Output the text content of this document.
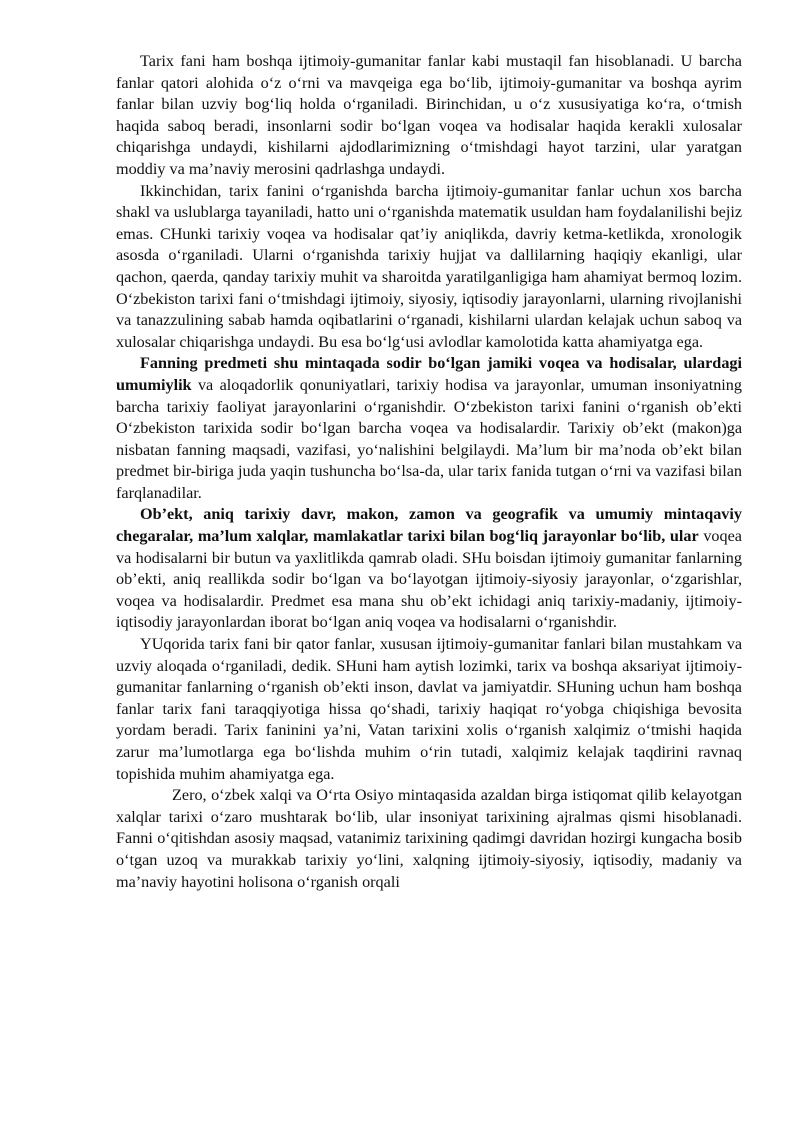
Tarix fani ham boshqa ijtimoiy-gumanitar fanlar kabi mustaqil fan hisoblanadi. U barcha fanlar qatori alohida o‘z o‘rni va mavqeiga ega bo‘lib, ijtimoiy-gumanitar va boshqa ayrim fanlar bilan uzviy bog‘liq holda o‘rganiladi. Birinchidan, u o‘z xususiyatiga ko‘ra, o‘tmish haqida saboq beradi, insonlarni sodir bo‘lgan voqea va hodisalar haqida kerakli xulosalar chiqarishga undaydi, kishilarni ajdodlarimizning o‘tmishdagi hayot tarzini, ular yaratgan moddiy va ma’naviy merosini qadrlashga undaydi.

Ikkinchidan, tarix fanini o‘rganishda barcha ijtimoiy-gumanitar fanlar uchun xos barcha shakl va uslublarga tayaniladi, hatto uni o‘rganishda matematik usuldan ham foydalanilishi bejiz emas. CHunki tarixiy voqea va hodisalar qat’iy aniqlikda, davriy ketma-ketlikda, xronologik asosda o‘rganiladi. Ularni o‘rganishda tarixiy hujjat va dallilarning haqiqiy ekanligi, ular qachon, qaerda, qanday tarixiy muhit va sharoitda yaratilganligiga ham ahamiyat bermoq lozim. O‘zbekiston tarixi fani o‘tmishdagi ijtimoiy, siyosiy, iqtisodiy jarayonlarni, ularning rivojlanishi va tanazzulining sabab hamda oqibatlarini o‘rganadi, kishilarni ulardan kelajak uchun saboq va xulosalar chiqarishga undaydi. Bu esa bo‘lg‘usi avlodlar kamolotida katta ahamiyatga ega.

Fanning predmeti shu mintaqada sodir bo‘lgan jamiki voqea va hodisalar, ulardagi umumiylik va aloqadorlik qonuniyatlari, tarixiy hodisa va jarayonlar, umuman insoniyatning barcha tarixiy faoliyat jarayonlarini o‘rganishdir. O‘zbekiston tarixi fanini o‘rganish ob’ekti O‘zbekiston tarixida sodir bo‘lgan barcha voqea va hodisalardir. Tarixiy ob’ekt (makon)ga nisbatan fanning maqsadi, vazifasi, yo‘nalishini belgilaydi. Ma’lum bir ma’noda ob’ekt bilan predmet bir-biriga juda yaqin tushuncha bo‘lsa-da, ular tarix fanida tutgan o‘rni va vazifasi bilan farqlanadilar.

Ob’ekt, aniq tarixiy davr, makon, zamon va geografik va umumiy mintaqaviy chegaralar, ma’lum xalqlar, mamlakatlar tarixi bilan bog‘liq jarayonlar bo‘lib, ular voqea va hodisalarni bir butun va yaxlitlikda qamrab oladi. SHu boisdan ijtimoiy gumanitar fanlarning ob’ekti, aniq reallikda sodir bo‘lgan va bo‘layotgan ijtimoiy-siyosiy jarayonlar, o‘zgarishlar, voqea va hodisalardir. Predmet esa mana shu ob’ekt ichidagi aniq tarixiy-madaniy, ijtimoiy-iqtisodiy jarayonlardan iborat bo‘lgan aniq voqea va hodisalarni o‘rganishdir.

YUqorida tarix fani bir qator fanlar, xususan ijtimoiy-gumanitar fanlari bilan mustahkam va uzviy aloqada o‘rganiladi, dedik. SHuni ham aytish lozimki, tarix va boshqa aksariyat ijtimoiy- gumanitar fanlarning o‘rganish ob’ekti inson, davlat va jamiyatdir. SHuning uchun ham boshqa fanlar tarix fani taraqqiyotiga hissa qo‘shadi, tarixiy haqiqat ro‘yobga chiqishiga bevosita yordam beradi. Tarix faninini ya’ni, Vatan tarixini xolis o‘rganish xalqimiz o‘tmishi haqida zarur ma’lumotlarga ega bo‘lishda muhim o‘rin tutadi, xalqimiz kelajak taqdirini ravnaq topishida muhim ahamiyatga ega.

Zero, o‘zbek xalqi va O‘rta Osiyo mintaqasida azaldan birga istiqomat qilib kelayotgan xalqlar tarixi o‘zaro mushtarak bo‘lib, ular insoniyat tarixining ajralmas qismi hisoblanadi. Fanni o‘qitishdan asosiy maqsad, vatanimiz tarixining qadimgi davridan hozirgi kungacha bosib o‘tgan uzoq va murakkab tarixiy yo‘lini, xalqning ijtimoiy-siyosiy, iqtisodiy, madaniy va ma’naviy hayotini holisona o‘rganish orqali
